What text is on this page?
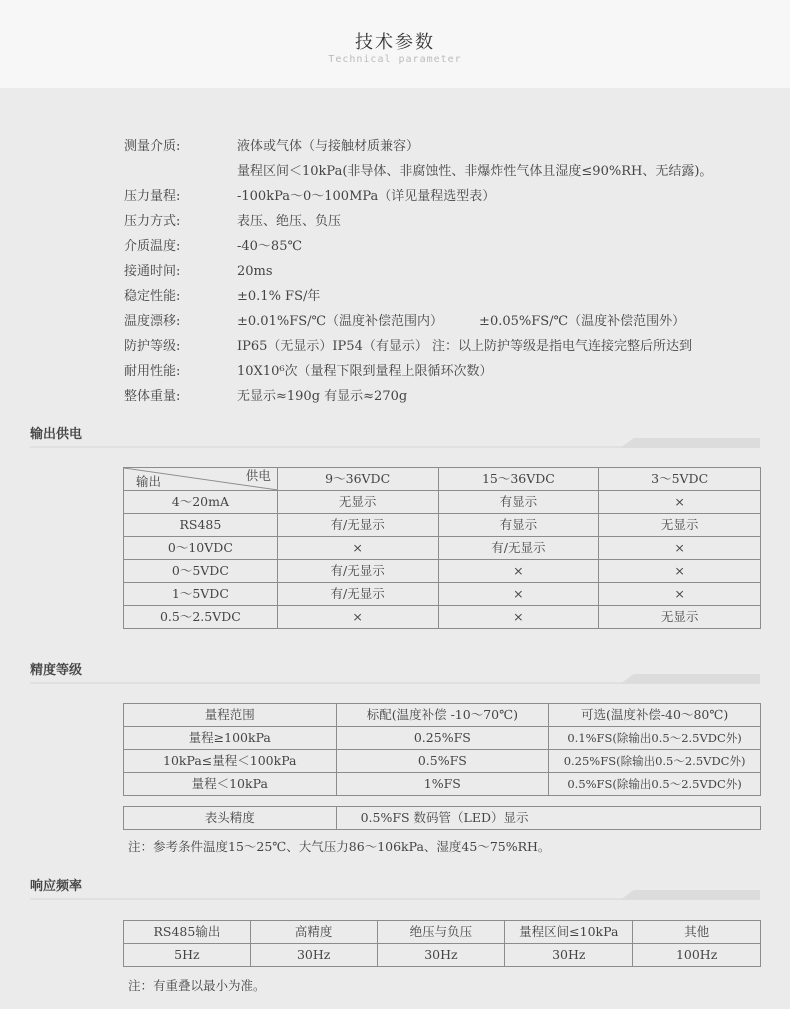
技术参数
Technical parameter
测量介质:	液体或气体（与接触材质兼容）
量程区间＜10kPa(非导体、非腐蚀性、非爆炸性气体且湿度≤90%RH、无结露)。
压力量程:	-100kPa～0～100MPa（详见量程选型表）
压力方式:	表压、绝压、负压
介质温度:	-40～85℃
接通时间:	20ms
稳定性能:	±0.1% FS/年
温度漂移:	±0.01%FS/℃（温度补偿范围内）	±0.05%FS/℃（温度补偿范围外）
防护等级:	IP65（无显示）IP54（有显示） 注：以上防护等级是指电气连接完整后所达到
耐用性能:	10X10⁶次（量程下限到量程上限循环次数）
整体重量:	无显示≈190g 有显示≈270g
输出供电
输出 供电	9～36VDC	15～36VDC	3～5VDC
4～20mA	无显示	有显示	×
RS485	有/无显示	有显示	无显示
0～10VDC	×	有/无显示	×
0～5VDC	有/无显示	×	×
1～5VDC	有/无显示	×	×
0.5～2.5VDC	×	×	无显示
精度等级
量程范围	标配(温度补偿 -10～70℃)	可选(温度补偿-40～80℃)
量程≥100kPa	0.25%FS	0.1%FS(除输出0.5～2.5VDC外)
10kPa≤量程＜100kPa	0.5%FS	0.25%FS(除输出0.5～2.5VDC外)
量程＜10kPa	1%FS	0.5%FS(除输出0.5～2.5VDC外)
表头精度	0.5%FS 数码管（LED）显示
注：参考条件温度15～25℃、大气压力86～106kPa、湿度45～75%RH。
响应频率
RS485输出	高精度	绝压与负压	量程区间≤10kPa	其他
5Hz	30Hz	30Hz	30Hz	100Hz
注：有重叠以最小为准。
